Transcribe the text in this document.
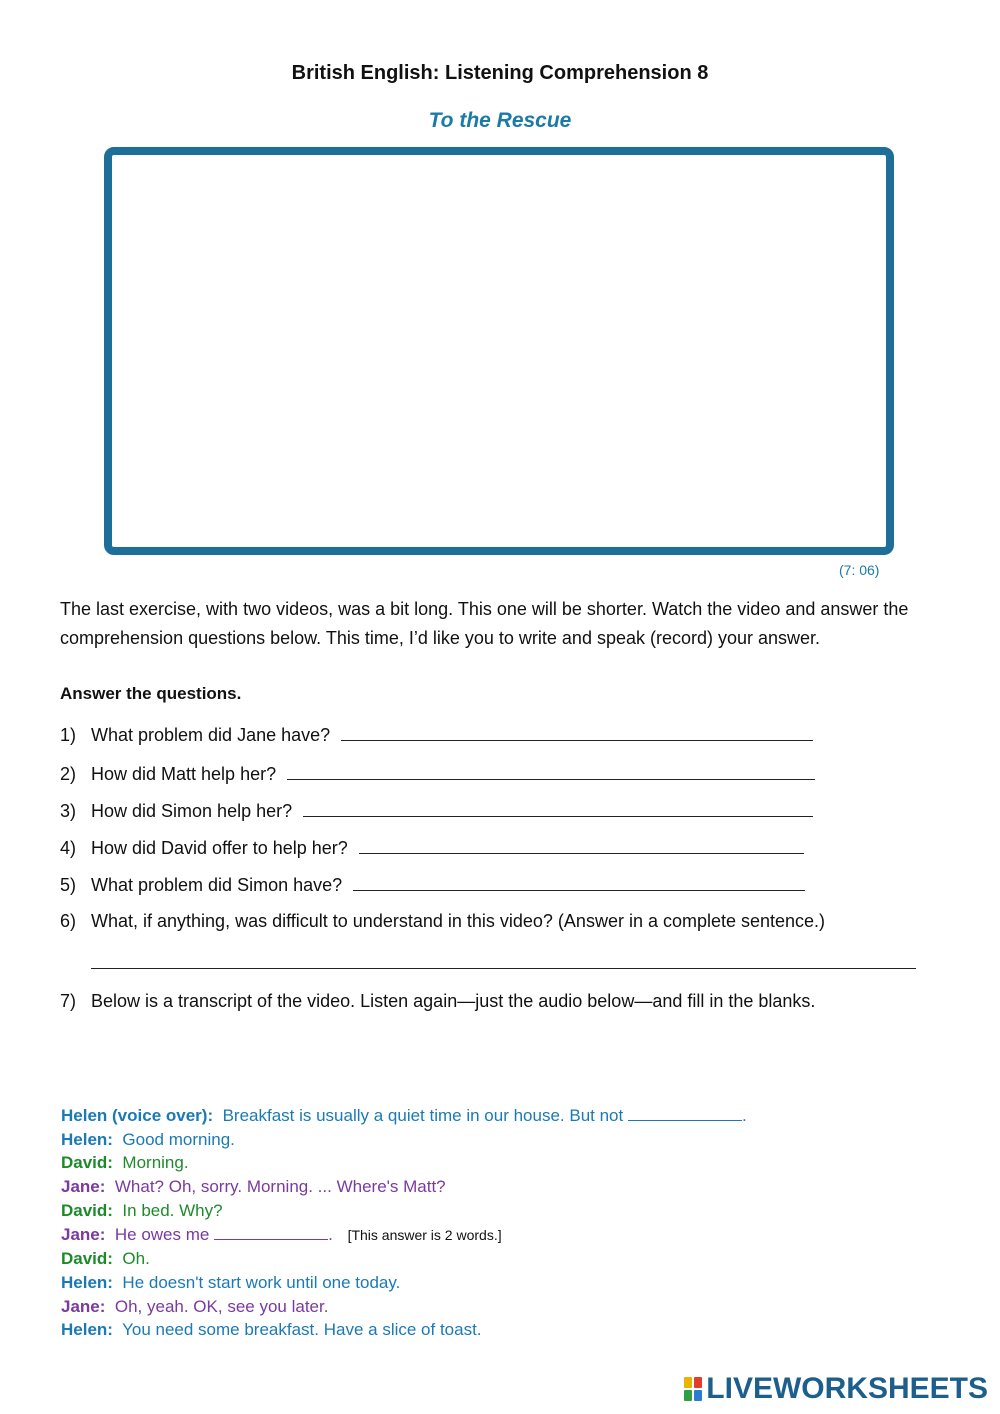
British English: Listening Comprehension 8
To the Rescue
(7: 06)
The last exercise, with two videos, was a bit long. This one will be shorter. Watch the video and answer the comprehension questions below. This time, I’d like you to write and speak (record) your answer.
Answer the questions.
1) What problem did Jane have?
2) How did Matt help her?
3) How did Simon help her?
4) How did David offer to help her?
5) What problem did Simon have?
6) What, if anything, was difficult to understand in this video? (Answer in a complete sentence.)
7) Below is a transcript of the video. Listen again—just the audio below—and fill in the blanks.
Helen (voice over): Breakfast is usually a quiet time in our house. But not	.
Helen: Good morning.
David: Morning.
Jane: What? Oh, sorry. Morning. ... Where's Matt?
David: In bed. Why?
Jane: He owes me	. [This answer is 2 words.]
David: Oh.
Helen: He doesn't start work until one today.
Jane: Oh, yeah. OK, see you later.
Helen: You need some breakfast. Have a slice of toast.
LIVEWORKSHEETS
